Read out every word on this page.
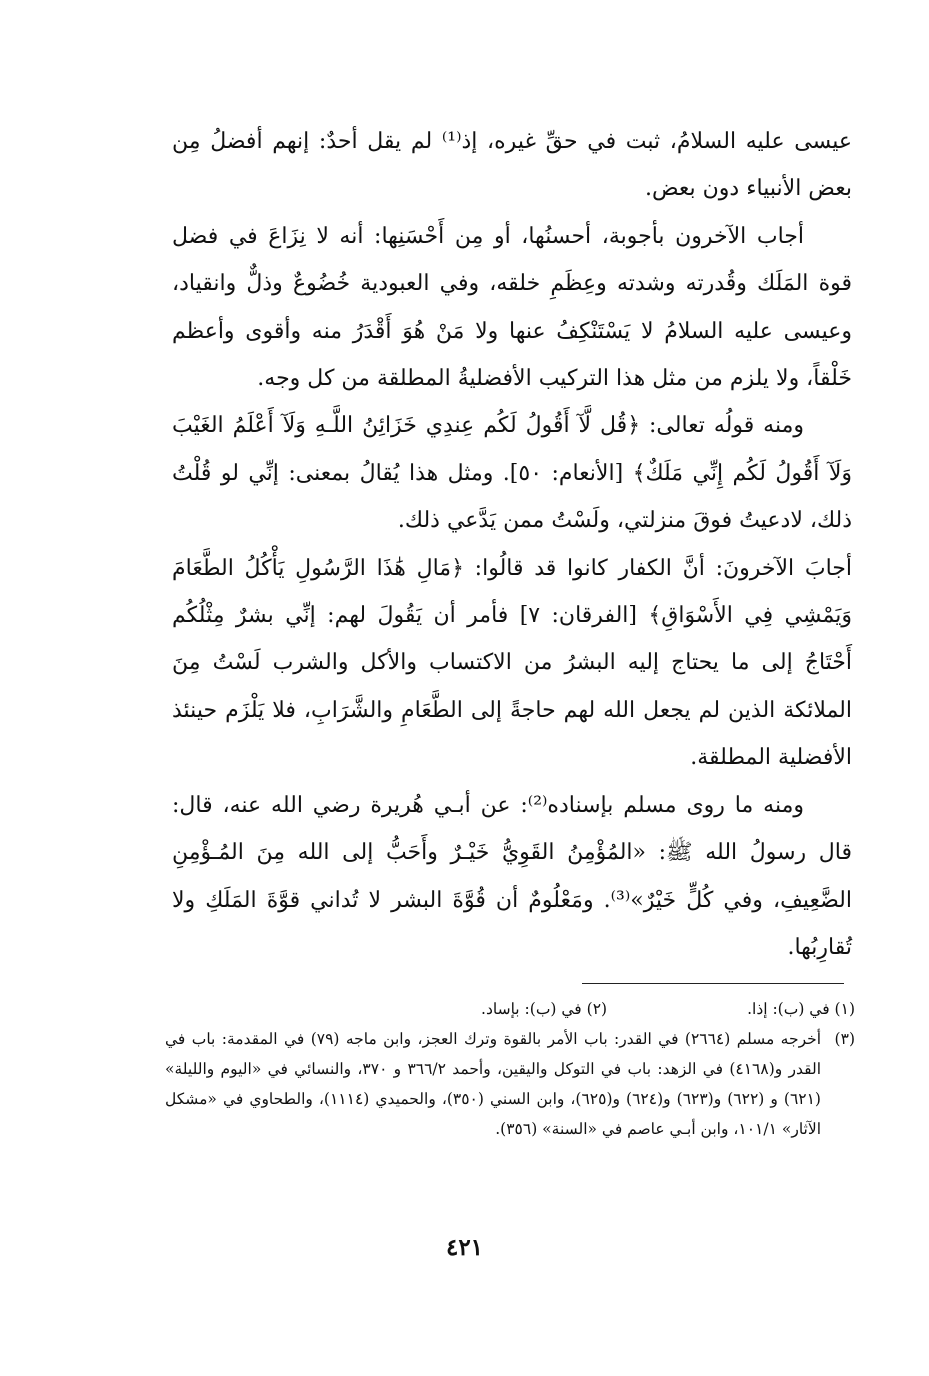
عيسى عليه السلامُ، ثبت في حقِّ غيره، إذ⁽¹⁾ لم يقل أحدٌ: إنهم أفضلُ مِن بعض الأنبياء دون بعض.

أجاب الآخرون بأجوبة، أحسنُها، أو مِن أَحْسَنِها: أنه لا نِزَاعَ في فضل قوة المَلَك وقُدرته وشدته وعِظَمِ خلقه، وفي العبودية خُضُوعٌ وذلٌّ وانقياد، وعيسى عليه السلامُ لا يَسْتَنْكِفُ عنها ولا مَنْ هُوَ أَقْدَرُ منه وأقوى وأعظم خَلْقاً، ولا يلزم من مثل هذا التركيب الأفضليةُ المطلقة من كل وجه.

ومنه قولُه تعالى: ﴿قُل لَّآ أَقُولُ لَكُم عِندِي خَزَائِنُ اللَّـهِ وَلَآ أَعْلَمُ الغَيْبَ وَلَآ أَقُولُ لَكُم إِنِّي مَلَكٌ﴾ [الأنعام: ٥٠]. ومثل هذا يُقالُ بمعنى: إنِّي لو قُلْتُ ذلك، لادعيتُ فوقَ منزلتي، ولَسْتُ ممن يَدَّعي ذلك.

أجابَ الآخرونَ: أنَّ الكفار كانوا قد قالُوا: ﴿مَالِ هَٰذَا الرَّسُولِ يَأْكُلُ الطَّعَامَ وَيَمْشِي فِي الأَسْوَاقِ﴾ [الفرقان: ٧] فأمر أن يَقُولَ لهم: إنِّي بشرٌ مِثْلُكُم أَحْتَاجُ إلى ما يحتاج إليه البشرُ من الاكتساب والأكل والشرب لَسْتُ مِنَ الملائكة الذين لم يجعل الله لهم حاجةً إلى الطَّعَامِ والشَّرَابِ، فلا يَلْزَم حينئذ الأفضلية المطلقة.

ومنه ما روى مسلم بإسناده⁽²⁾: عن أبـي هُريرة رضي الله عنه، قال: قال رسولُ الله ﷺ: «المُؤْمِنُ القَوِيُّ خَيْـرٌ وأَحَبُّ إلى الله مِنَ المُـؤْمِنِ الضَّعِيفِ، وفي كُلٍّ خَيْرٌ»⁽³⁾. ومَعْلُومٌ أن قُوَّةَ البشر لا تُداني قوَّةَ المَلَكِ ولا تُقارِبُها.

(١) في (ب): إذا.
(٢) في (ب): بإساد.
(٣)
أخرجه مسلم (٢٦٦٤) في القدر: باب الأمر بالقوة وترك العجز، وابن ماجه (٧٩) في المقدمة: باب في القدر و(٤١٦٨) في الزهد: باب في التوكل واليقين، وأحمد ٣٦٦/٢ و ٣٧٠، والنسائي في «اليوم والليلة» (٦٢١) و (٦٢٢) و(٦٢٣) و(٦٢٤) و(٦٢٥)، وابن السني (٣٥٠)، والحميدي (١١١٤)، والطحاوي في «مشكل الآثار» ١٠١/١، وابن أبـي عاصم في «السنة» (٣٥٦).
٤٢١
